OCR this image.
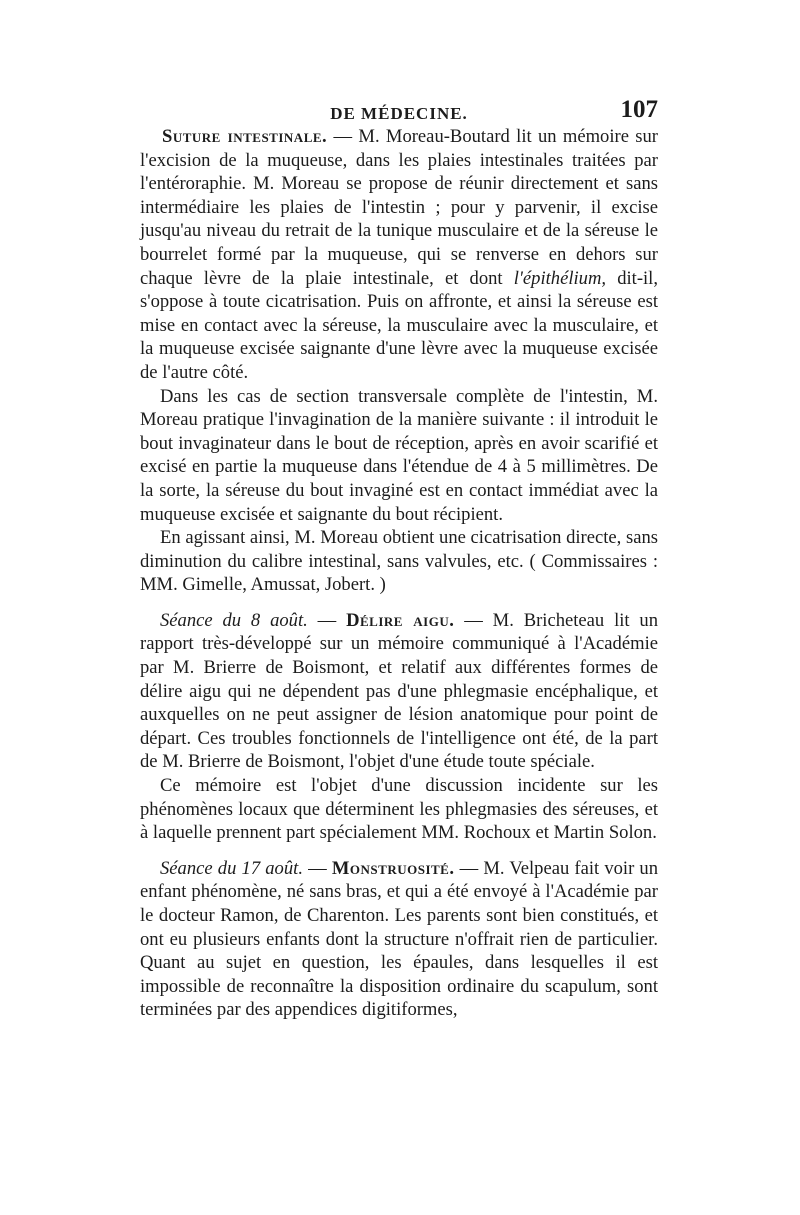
DE MÉDECINE.	107

Suture intestinale. — M. Moreau-Boutard lit un mémoire sur l'excision de la muqueuse, dans les plaies intestinales traitées par l'entéroraphie. M. Moreau se propose de réunir directement et sans intermédiaire les plaies de l'intestin ; pour y parvenir, il excise jusqu'au niveau du retrait de la tunique musculaire et de la séreuse le bourrelet formé par la muqueuse, qui se renverse en dehors sur chaque lèvre de la plaie intestinale, et dont l'épithélium, dit-il, s'oppose à toute cicatrisation. Puis on affronte, et ainsi la séreuse est mise en contact avec la séreuse, la musculaire avec la musculaire, et la muqueuse excisée saignante d'une lèvre avec la muqueuse excisée de l'autre côté.

Dans les cas de section transversale complète de l'intestin, M. Moreau pratique l'invagination de la manière suivante : il introduit le bout invaginateur dans le bout de réception, après en avoir scarifié et excisé en partie la muqueuse dans l'étendue de 4 à 5 millimètres. De la sorte, la séreuse du bout invaginé est en contact immédiat avec la muqueuse excisée et saignante du bout récipient.

En agissant ainsi, M. Moreau obtient une cicatrisation directe, sans diminution du calibre intestinal, sans valvules, etc. ( Commissaires : MM. Gimelle, Amussat, Jobert. )

Séance du 8 août. — Délire aigu. — M. Bricheteau lit un rapport très-développé sur un mémoire communiqué à l'Académie par M. Brierre de Boismont, et relatif aux différentes formes de délire aigu qui ne dépendent pas d'une phlegmasie encéphalique, et auxquelles on ne peut assigner de lésion anatomique pour point de départ. Ces troubles fonctionnels de l'intelligence ont été, de la part de M. Brierre de Boismont, l'objet d'une étude toute spéciale.

Ce mémoire est l'objet d'une discussion incidente sur les phénomènes locaux que déterminent les phlegmasies des séreuses, et à laquelle prennent part spécialement MM. Rochoux et Martin Solon.

Séance du 17 août. — Monstruosité. — M. Velpeau fait voir un enfant phénomène, né sans bras, et qui a été envoyé à l'Académie par le docteur Ramon, de Charenton. Les parents sont bien constitués, et ont eu plusieurs enfants dont la structure n'offrait rien de particulier. Quant au sujet en question, les épaules, dans lesquelles il est impossible de reconnaître la disposition ordinaire du scapulum, sont terminées par des appendices digitiformes,
